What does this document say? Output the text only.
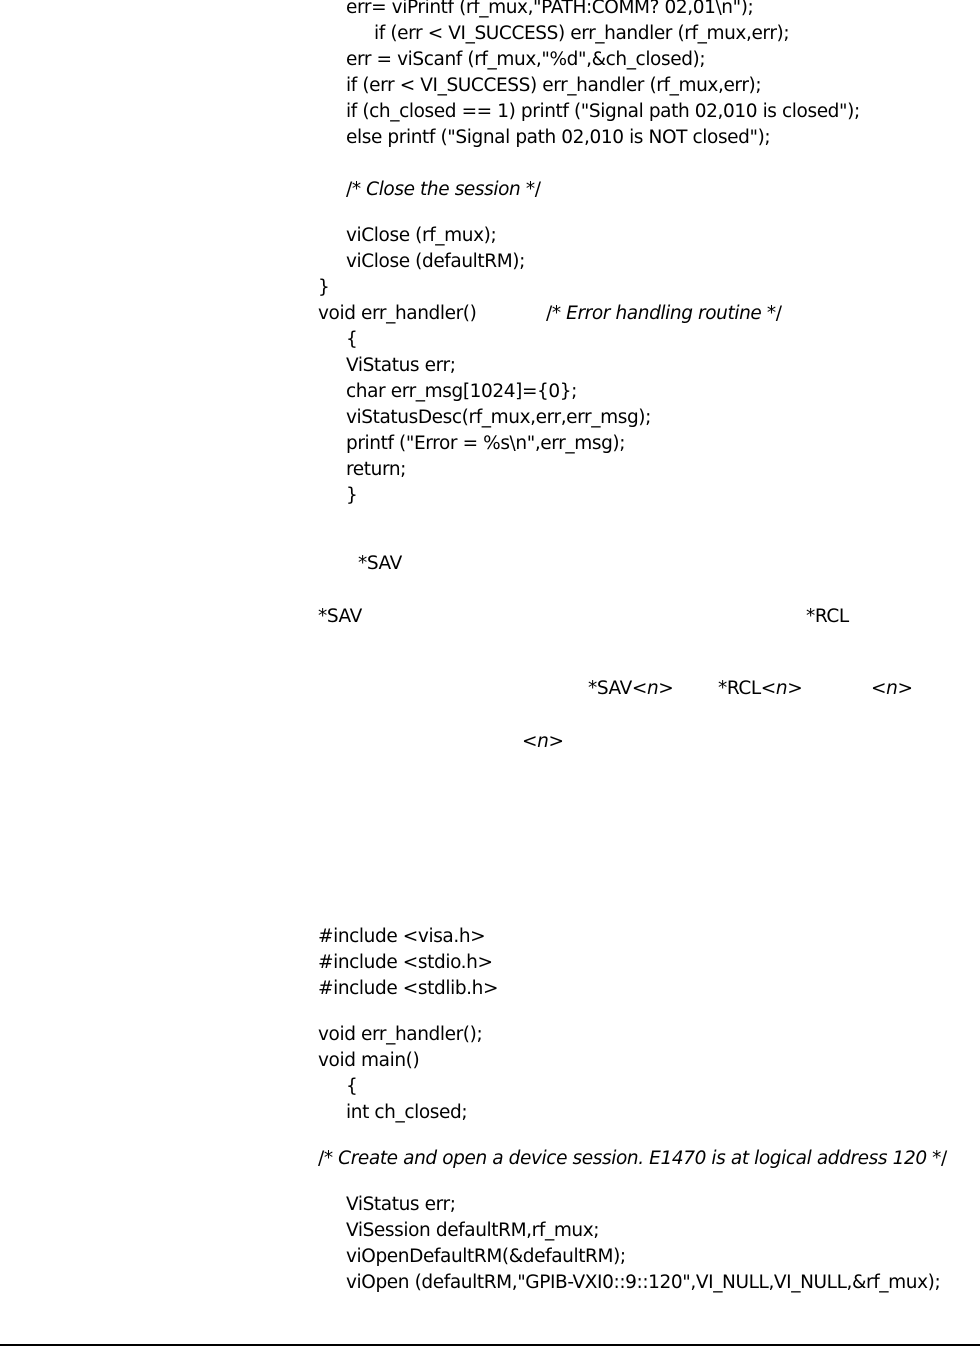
err= viPrintf (rf_mux,"PATH:COMM? 02,01\n");
if (err < VI_SUCCESS) err_handler (rf_mux,err);
err = viScanf (rf_mux,"%d",&ch_closed);
if (err < VI_SUCCESS) err_handler (rf_mux,err);
if (ch_closed == 1) printf ("Signal path 02,010 is closed");
else printf ("Signal path 02,010 is NOT closed");
/* Close the session */
viClose (rf_mux);
viClose (defaultRM);
}
void err_handler()	/* Error handling routine */
{
ViStatus err;
char err_msg[1024]={0};
viStatusDesc(rf_mux,err,err_msg);
printf ("Error = %s\n",err_msg);
return;
}
*SAV
*SAV	*RCL
*SAV<n> *RCL<n>	<n>
<n>
#include <visa.h>
#include <stdio.h>
#include <stdlib.h>
void err_handler();
void main()
{
int ch_closed;
/* Create and open a device session. E1470 is at logical address 120 */
ViStatus err;
ViSession defaultRM,rf_mux;
viOpenDefaultRM(&defaultRM);
viOpen (defaultRM,"GPIB-VXI0::9::120",VI_NULL,VI_NULL,&rf_mux);
